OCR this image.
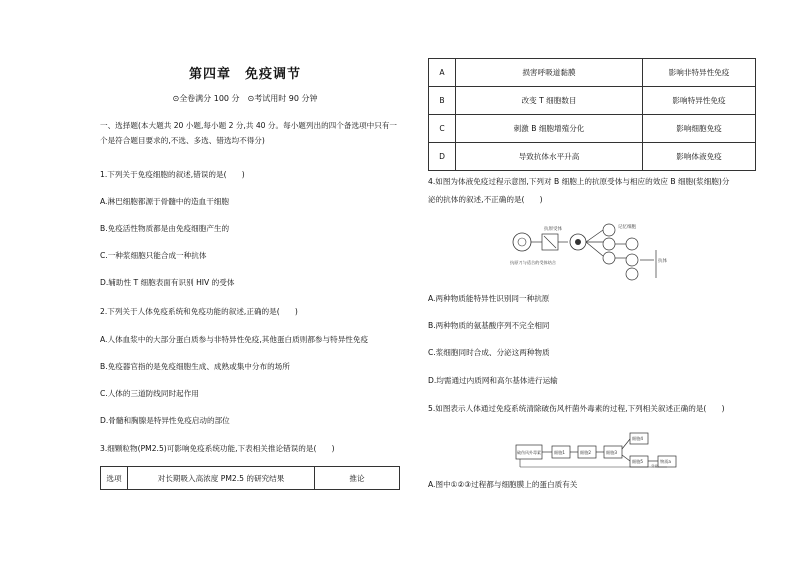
第四章　免疫调节
⊙全卷满分 100 分　⊙考试用时 90 分钟
一、选择题(本大题共 20 小题,每小题 2 分,共 40 分。每小题列出的四个备选项中只有一个是符合题目要求的,不选、多选、错选均不得分)
1.下列关于免疫细胞的叙述,错误的是(　　)
A.淋巴细胞都源于骨髓中的造血干细胞
B.免疫活性物质都是由免疫细胞产生的
C.一种浆细胞只能合成一种抗体
D.辅助性 T 细胞表面有识别 HIV 的受体
2.下列关于人体免疫系统和免疫功能的叙述,正确的是(　　)
A.人体血浆中的大部分蛋白质参与非特异性免疫,其他蛋白质则都参与特异性免疫
B.免疫器官指的是免疫细胞生成、成熟或集中分布的场所
C.人体的三道防线同时起作用
D.骨髓和胸腺是特异性免疫启动的部位
3.细颗粒物(PM2.5)可影响免疫系统功能,下表相关推论错误的是(　　)
选项	对长期吸入高浓度 PM2.5 的研究结果	推论
A	损害呼吸道黏膜	影响非特异性免疫
B	改变 T 细胞数目	影响特异性免疫
C	刺激 B 细胞增殖分化	影响细胞免疫
D	导致抗体水平升高	影响体液免疫
4.如图为体液免疫过程示意图,下列对 B 细胞上的抗原受体与相应的效应 B 细胞(浆细胞)分
泌的抗体的叙述,不正确的是(　　)
抗原受体	记忆细胞
抗体
抗原刀与适合的受体结合
A.两种物质能特异性识别同一种抗原
B.两种物质的氨基酸序列不完全相同
C.浆细胞同时合成、分泌这两种物质
D.均需通过内质网和高尔基体进行运输
5.如图表示人体通过免疫系统清除破伤风杆菌外毒素的过程,下列相关叙述正确的是(　　)
破伤风外毒素	细胞1	细胞2	细胞3
细胞4
细胞5	物质a
分泌
A.图中①②③过程都与细胞膜上的蛋白质有关
